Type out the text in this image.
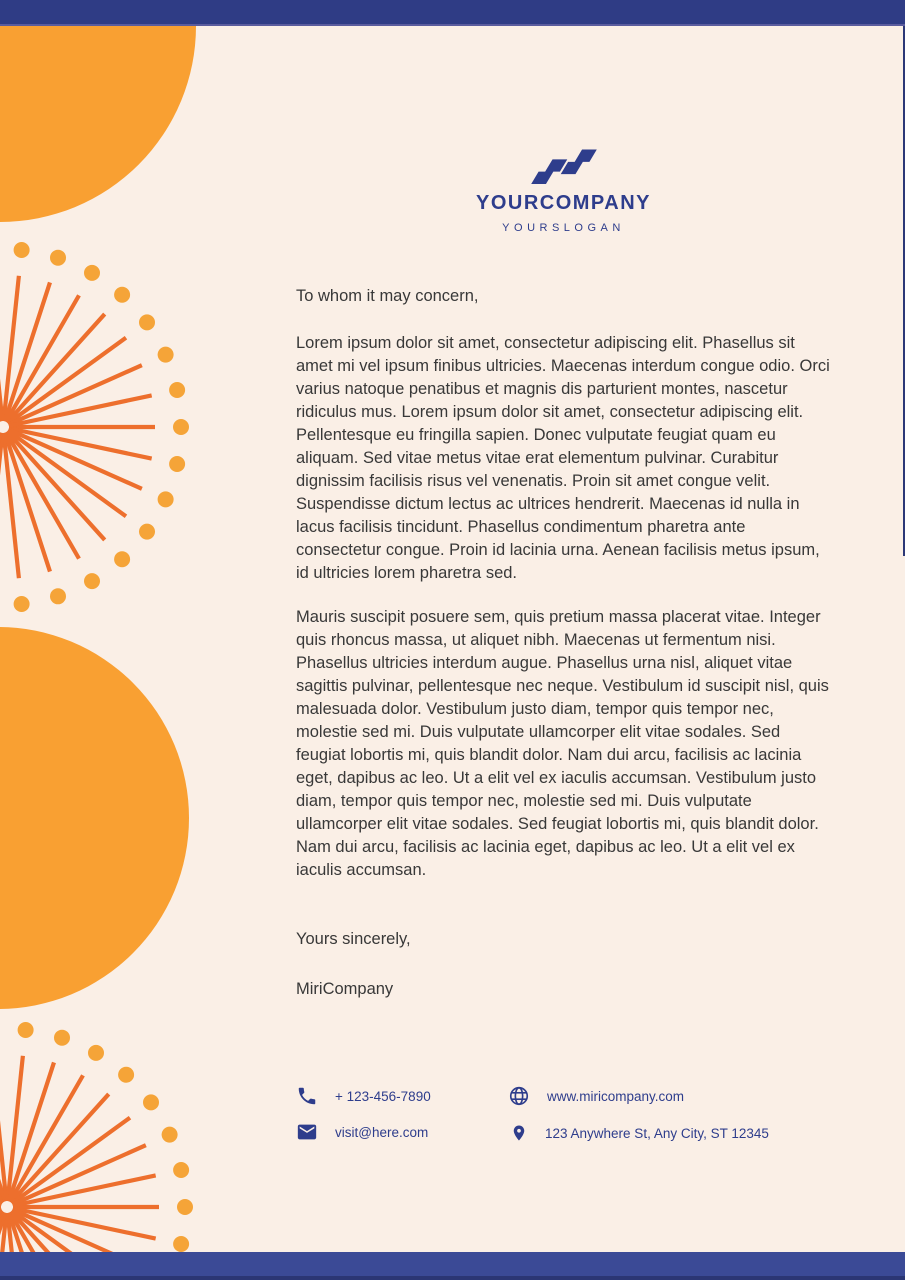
YOURCOMPANY
YOURSLOGAN
To whom it may concern,
Lorem ipsum dolor sit amet, consectetur adipiscing elit. Phasellus sit amet mi vel ipsum finibus ultricies. Maecenas interdum congue odio. Orci varius natoque penatibus et magnis dis parturient montes, nascetur ridiculus mus. Lorem ipsum dolor sit amet, consectetur adipiscing elit. Pellentesque eu fringilla sapien. Donec vulputate feugiat quam eu aliquam. Sed vitae metus vitae erat elementum pulvinar. Curabitur dignissim facilisis risus vel venenatis. Proin sit amet congue velit. Suspendisse dictum lectus ac ultrices hendrerit. Maecenas id nulla in lacus facilisis tincidunt. Phasellus condimentum pharetra ante consectetur congue. Proin id lacinia urna. Aenean facilisis metus ipsum, id ultricies lorem pharetra sed.
Mauris suscipit posuere sem, quis pretium massa placerat vitae. Integer quis rhoncus massa, ut aliquet nibh. Maecenas ut fermentum nisi. Phasellus ultricies interdum augue. Phasellus urna nisl, aliquet vitae sagittis pulvinar, pellentesque nec neque. Vestibulum id suscipit nisl, quis malesuada dolor. Vestibulum justo diam, tempor quis tempor nec, molestie sed mi. Duis vulputate ullamcorper elit vitae sodales. Sed feugiat lobortis mi, quis blandit dolor. Nam dui arcu, facilisis ac lacinia eget, dapibus ac leo. Ut a elit vel ex iaculis accumsan. Vestibulum justo diam, tempor quis tempor nec, molestie sed mi. Duis vulputate ullamcorper elit vitae sodales. Sed feugiat lobortis mi, quis blandit dolor. Nam dui arcu, facilisis ac lacinia eget, dapibus ac leo. Ut a elit vel ex iaculis accumsan.
Yours sincerely,
MiriCompany
+ 123-456-7890	www.miricompany.com
visit@here.com	123 Anywhere St, Any City, ST 12345
